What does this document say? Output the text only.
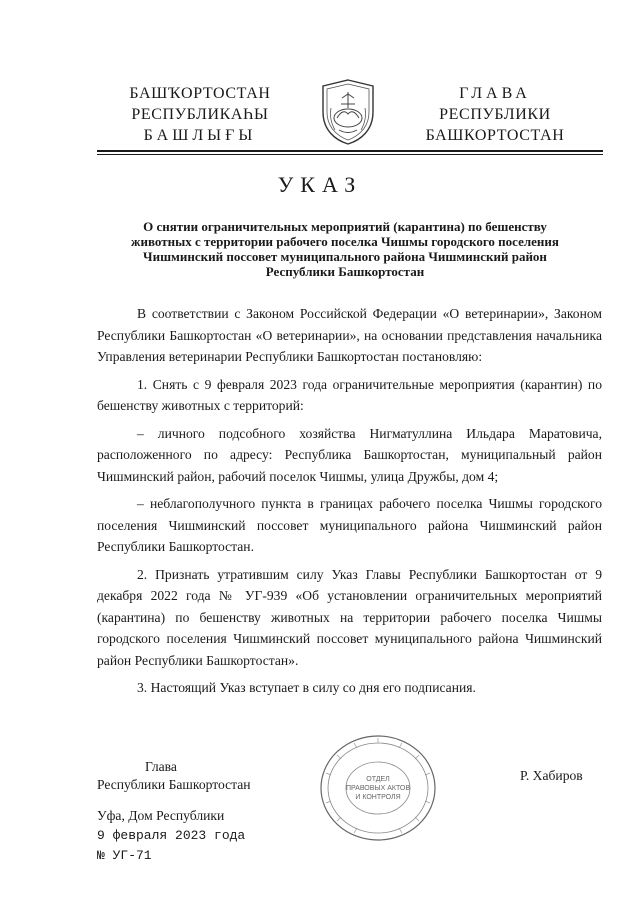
БАШҠОРТОСТАН
РЕСПУБЛИКАҺЫ
БАШЛЫҒЫ
ГЛАВА
РЕСПУБЛИКИ
БАШКОРТОСТАН
УКАЗ
О снятии ограничительных мероприятий (карантина) по бешенству животных с территории рабочего поселка Чишмы городского поселения Чишминский поссовет муниципального района Чишминский район Республики Башкортостан

В соответствии с Законом Российской Федерации «О ветеринарии», Законом Республики Башкортостан «О ветеринарии», на основании представления начальника Управления ветеринарии Республики Башкортостан постановляю:

1. Снять с 9 февраля 2023 года ограничительные мероприятия (карантин) по бешенству животных с территорий:

– личного подсобного хозяйства Нигматуллина Ильдара Маратовича, расположенного по адресу: Республика Башкортостан, муниципальный район Чишминский район, рабочий поселок Чишмы, улица Дружбы, дом 4;

– неблагополучного пункта в границах рабочего поселка Чишмы городского поселения Чишминский поссовет муниципального района Чишминский район Республики Башкортостан.

2. Признать утратившим силу Указ Главы Республики Башкортостан от 9 декабря 2022 года № УГ-939 «Об установлении ограничительных мероприятий (карантина) по бешенству животных на территории рабочего поселка Чишмы городского поселения Чишминский поссовет муниципального района Чишминский район Республики Башкортостан».

3. Настоящий Указ вступает в силу со дня его подписания.

Глава
Республики Башкортостан	ОТДЕЛ
ПРАВОВЫХ АКТОВ
И КОНТРОЛЯ
Р. Хабиров
Уфа, Дом Республики
9 февраля 2023 года
№ УГ-71
